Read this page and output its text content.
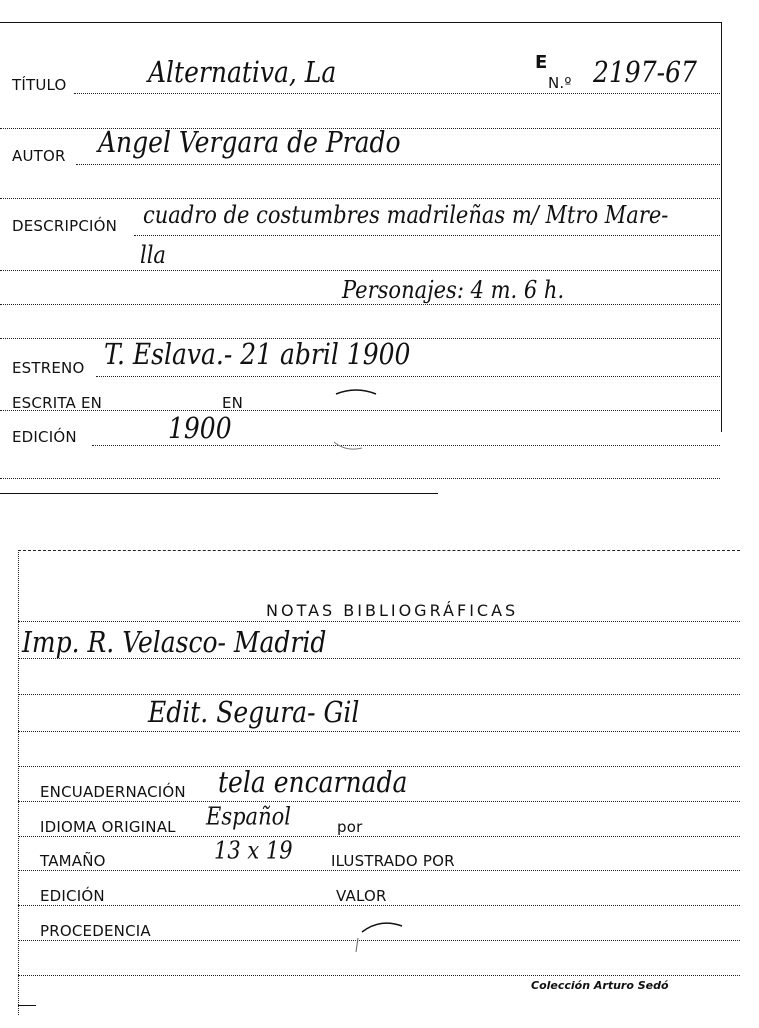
TÍTULO	Alternativa, La	E
N.º 2197-67
AUTOR Angel Vergara de Prado
DESCRIPCIÓN cuadro de costumbres madrileñas m/ Mtro Mare-
lla
Personajes: 4 m. 6 h.
ESTRENO T. Eslava.- 21 abril 1900
ESCRITA EN	EN
EDICIÓN	1900
NOTAS BIBLIOGRÁFICAS
Imp. R. Velasco- Madrid
Edit. Segura- Gil
ENCUADERNACIÓN tela encarnada
IDIOMA ORIGINAL Español	por
TAMAÑO	13 x 19	ILUSTRADO POR
EDICIÓN	VALOR
PROCEDENCIA
Colección Arturo Sedó
